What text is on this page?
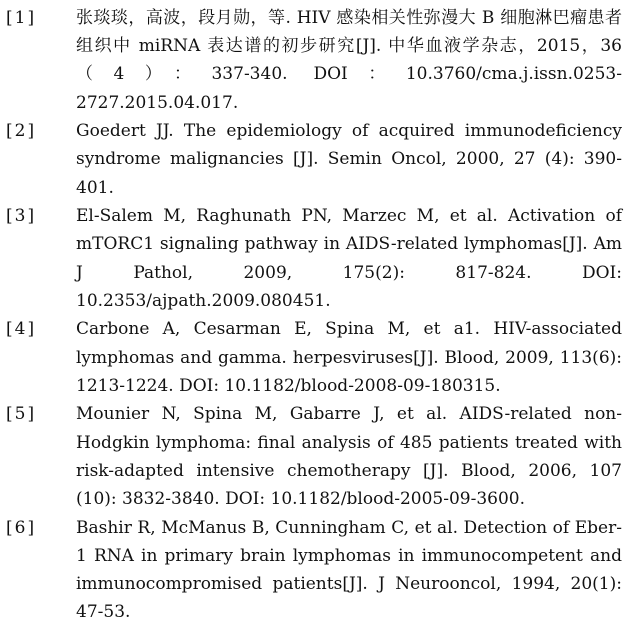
[1]	张琰琰，高波，段月勋，等. HIV 感染相关性弥漫大 B 细胞淋巴瘤患者组织中 miRNA 表达谱的初步研究[J]. 中华血液学杂志，2015，36（4）：337-340. DOI：10.3760/cma.j.issn.0253-2727.2015.04.017.
[2]	Goedert JJ. The epidemiology of acquired immunodeficiency syndrome malignancies [J]. Semin Oncol, 2000, 27 (4): 390-401.
[3]	El-Salem M, Raghunath PN, Marzec M, et al. Activation of mTORC1 signaling pathway in AIDS-related lymphomas[J]. Am J Pathol, 2009, 175(2): 817-824. DOI: 10.2353/ajpath.2009.080451.
[4]	Carbone A, Cesarman E, Spina M, et a1. HIV-associated lymphomas and gamma. herpesviruses[J]. Blood, 2009, 113(6): 1213-1224. DOI: 10.1182/blood-2008-09-180315.
[5]	Mounier N, Spina M, Gabarre J, et al. AIDS-related non-Hodgkin lymphoma: final analysis of 485 patients treated with risk-adapted intensive chemotherapy [J]. Blood, 2006, 107 (10): 3832-3840. DOI: 10.1182/blood-2005-09-3600.
[6]	Bashir R, McManus B, Cunningham C, et al. Detection of Eber-1 RNA in primary brain lymphomas in immunocompetent and immunocompromised patients[J]. J Neurooncol, 1994, 20(1): 47-53.
